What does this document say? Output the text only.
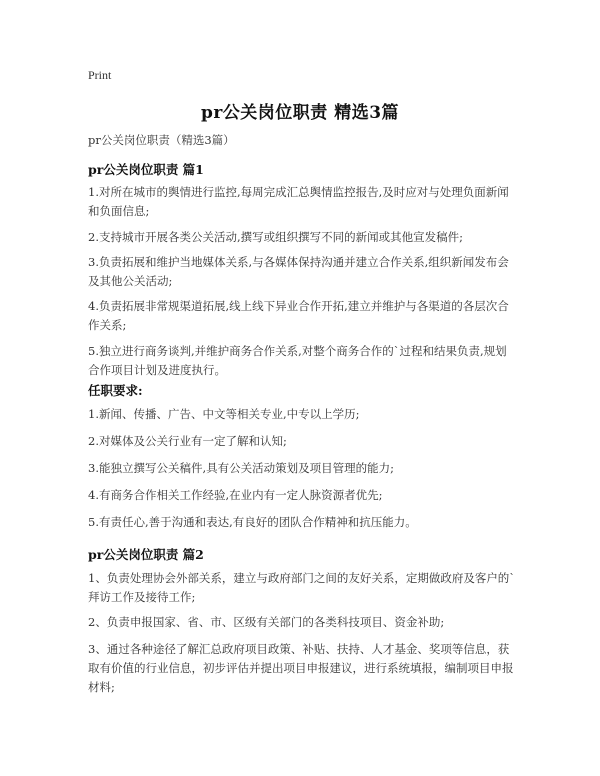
Print
pr公关岗位职责 精选3篇
pr公关岗位职责（精选3篇）
pr公关岗位职责 篇1
1.对所在城市的舆情进行监控,每周完成汇总舆情监控报告,及时应对与处理负面新闻和负面信息;
2.支持城市开展各类公关活动,撰写或组织撰写不同的新闻或其他宣发稿件;
3.负责拓展和维护当地媒体关系,与各媒体保持沟通并建立合作关系,组织新闻发布会及其他公关活动;
4.负责拓展非常规渠道拓展,线上线下异业合作开拓,建立并维护与各渠道的各层次合作关系;
5.独立进行商务谈判,并维护商务合作关系,对整个商务合作的`过程和结果负责,规划合作项目计划及进度执行。
任职要求:
1.新闻、传播、广告、中文等相关专业,中专以上学历;
2.对媒体及公关行业有一定了解和认知;
3.能独立撰写公关稿件,具有公关活动策划及项目管理的能力;
4.有商务合作相关工作经验,在业内有一定人脉资源者优先;
5.有责任心,善于沟通和表达,有良好的团队合作精神和抗压能力。
pr公关岗位职责 篇2
1、负责处理协会外部关系，建立与政府部门之间的友好关系，定期做政府及客户的`拜访工作及接待工作;
2、负责申报国家、省、市、区级有关部门的各类科技项目、资金补助;
3、通过各种途径了解汇总政府项目政策、补贴、扶持、人才基金、奖项等信息，获取有价值的行业信息，初步评估并提出项目申报建议，进行系统填报，编制项目申报材料;
